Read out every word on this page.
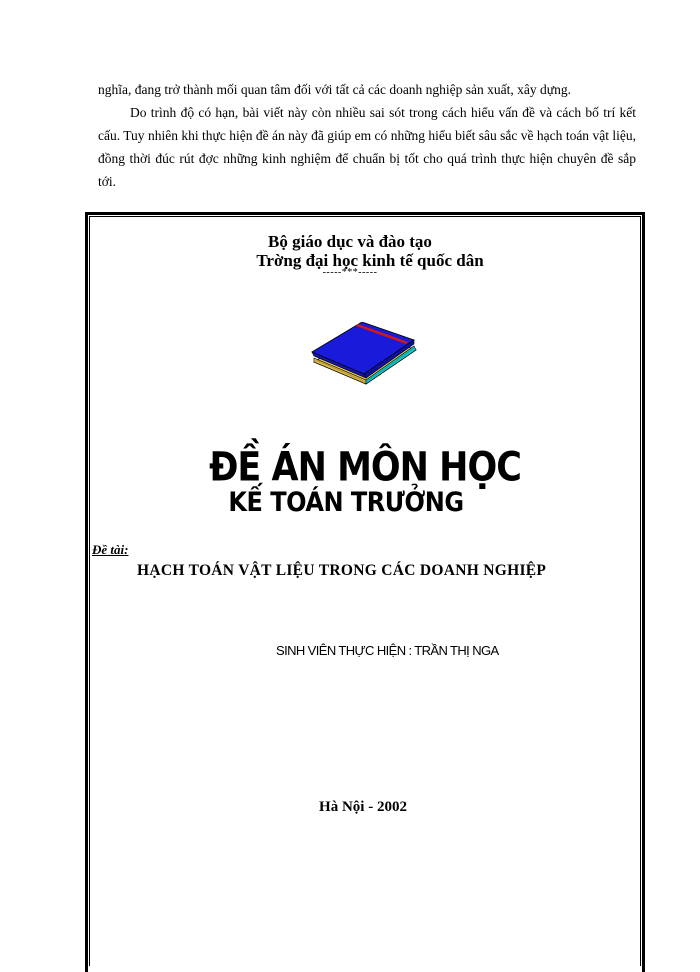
nghĩa, đang trở thành mối quan tâm đối với tất cả các doanh nghiệp sản xuất, xây dựng.

Do trình độ có hạn, bài viết này còn nhiều sai sót trong cách hiểu vấn đề và cách bố trí kết cấu. Tuy nhiên khi thực hiện đề án này đã giúp em có những hiểu biết sâu sắc về hạch toán vật liệu, đồng thời đúc rút đợc những kinh nghiệm để chuẩn bị tốt cho quá trình thực hiện chuyên đề sắp tới.

Bộ giáo dục và đào tạo
Trờng đại học kinh tế quốc dân
-----***-----
ĐỀ ÁN MÔN HỌC
KẾ TOÁN TRƯỞNG
Đề tài:
HẠCH TOÁN VẬT LIỆU TRONG CÁC DOANH NGHIỆP
SINH VIÊN THỰC HIỆN : TRẦN THỊ NGA
Hà Nội - 2002
